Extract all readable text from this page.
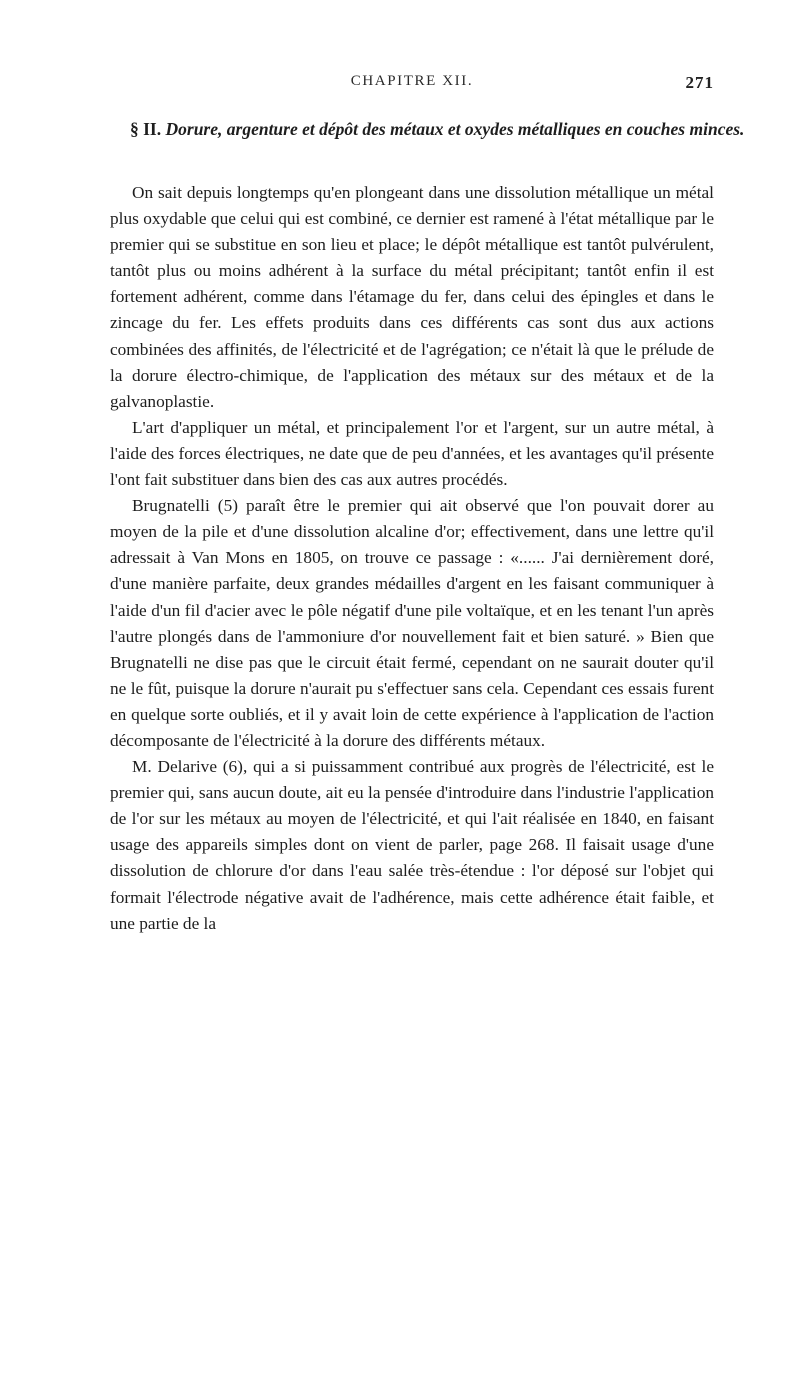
CHAPITRE XII.	271
§ II. Dorure, argenture et dépôt des métaux et oxydes métalliques en couches minces.

On sait depuis longtemps qu'en plongeant dans une dissolution métallique un métal plus oxydable que celui qui est combiné, ce dernier est ramené à l'état métallique par le premier qui se substitue en son lieu et place; le dépôt métallique est tantôt pulvérulent, tantôt plus ou moins adhérent à la surface du métal précipitant; tantôt enfin il est fortement adhérent, comme dans l'étamage du fer, dans celui des épingles et dans le zincage du fer. Les effets produits dans ces différents cas sont dus aux actions combinées des affinités, de l'électricité et de l'agrégation; ce n'était là que le prélude de la dorure électro-chimique, de l'application des métaux sur des métaux et de la galvanoplastie.

L'art d'appliquer un métal, et principalement l'or et l'argent, sur un autre métal, à l'aide des forces électriques, ne date que de peu d'années, et les avantages qu'il présente l'ont fait substituer dans bien des cas aux autres procédés.

Brugnatelli (5) paraît être le premier qui ait observé que l'on pouvait dorer au moyen de la pile et d'une dissolution alcaline d'or; effectivement, dans une lettre qu'il adressait à Van Mons en 1805, on trouve ce passage : «...... J'ai dernièrement doré, d'une manière parfaite, deux grandes médailles d'argent en les faisant communiquer à l'aide d'un fil d'acier avec le pôle négatif d'une pile voltaïque, et en les tenant l'un après l'autre plongés dans de l'ammoniure d'or nouvellement fait et bien saturé. » Bien que Brugnatelli ne dise pas que le circuit était fermé, cependant on ne saurait douter qu'il ne le fût, puisque la dorure n'aurait pu s'effectuer sans cela. Cependant ces essais furent en quelque sorte oubliés, et il y avait loin de cette expérience à l'application de l'action décomposante de l'électricité à la dorure des différents métaux.

M. Delarive (6), qui a si puissamment contribué aux progrès de l'électricité, est le premier qui, sans aucun doute, ait eu la pensée d'introduire dans l'industrie l'application de l'or sur les métaux au moyen de l'électricité, et qui l'ait réalisée en 1840, en faisant usage des appareils simples dont on vient de parler, page 268. Il faisait usage d'une dissolution de chlorure d'or dans l'eau salée très-étendue : l'or déposé sur l'objet qui formait l'électrode négative avait de l'adhérence, mais cette adhérence était faible, et une partie de la
